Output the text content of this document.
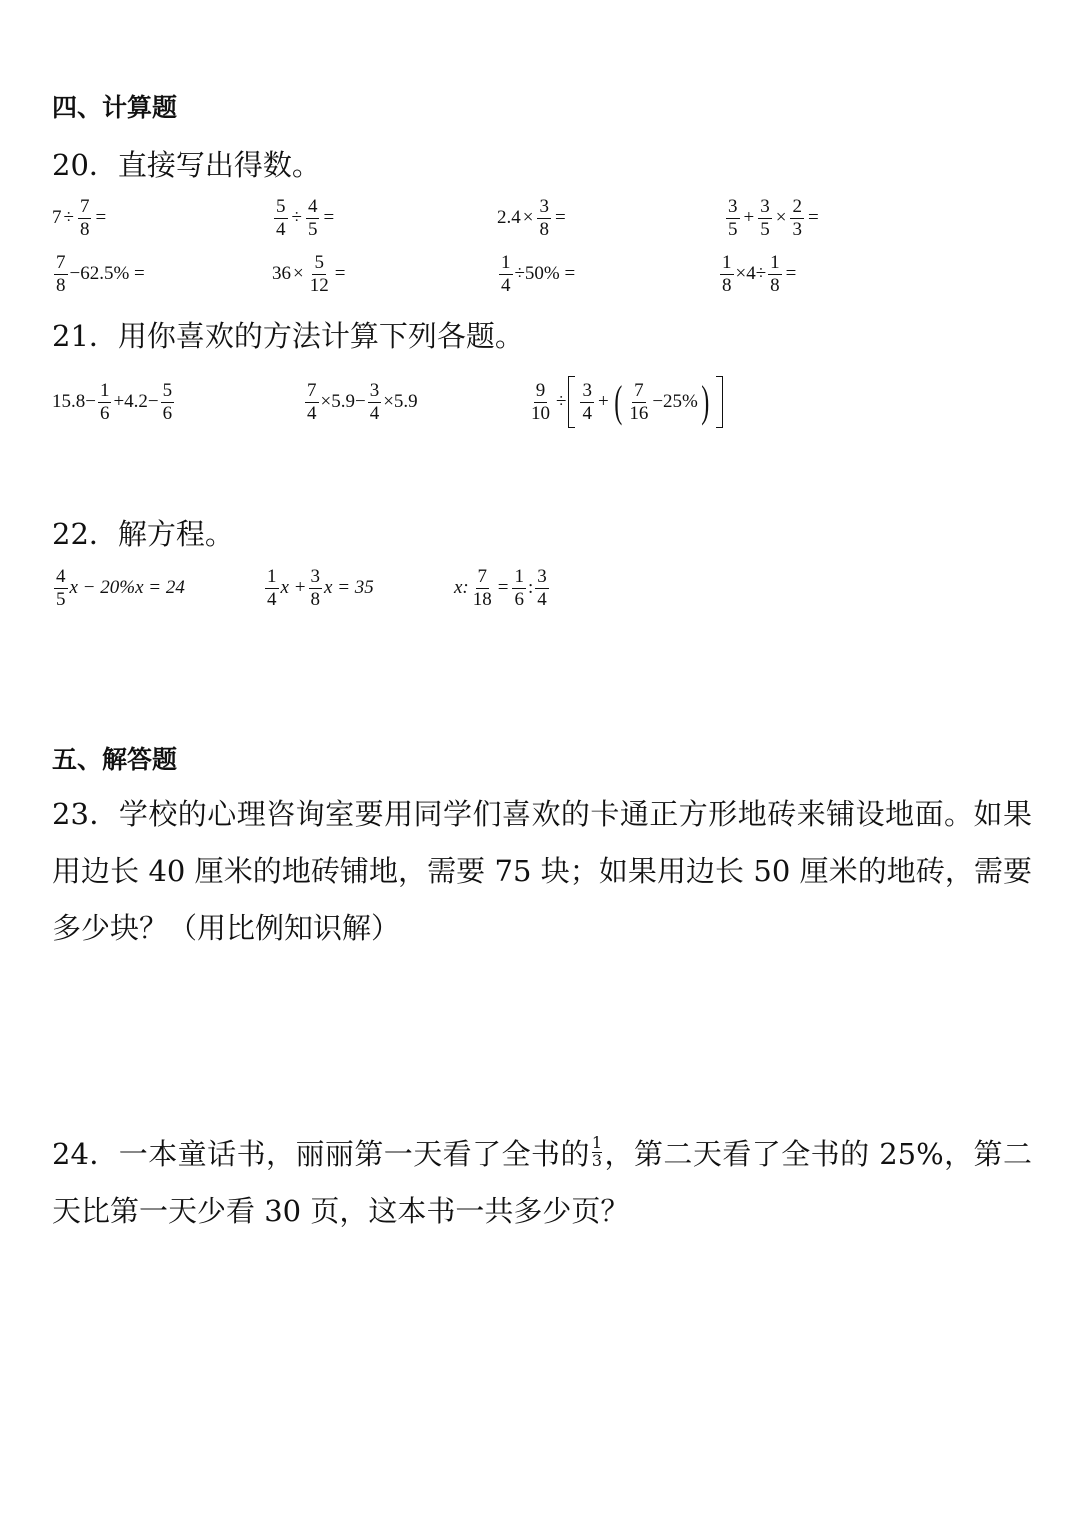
四、计算题
20．直接写出得数。
$7 \div \frac{7}{8}$ =	$\frac{5}{4} \div \frac{4}{5}$ =	$2.4 \times \frac{3}{8}$ =	$\frac{3}{5} + \frac{3}{5} \times \frac{2}{3}$ =
$\frac{7}{8} -62.5\%$ =	$36 \times \frac{5}{12}$ =	$\frac{1}{4} \div 50\%$ =	$\frac{1}{8} \times 4\div \frac{1}{8}$ =
21．用你喜欢的方法计算下列各题。
$15.8- \frac{1}{6} +4.2- \frac{5}{6}$	$\frac{7}{4} \times 5.9- \frac{3}{4} \times 5.9$	$\frac{9}{10} \div \frac{3}{4}$ + ( $\frac{7}{16} -25\%$ )
22．解方程。
$\frac{4}{5}$ x − 20%x = 24	$\frac{1}{4}$ $x + \frac{3}{8}$ x = 35	x: $\frac{7}{18} = \frac{1}{6}$ : $\frac{3}{4}$
五、解答题
23．学校的心理咨询室要用同学们喜欢的卡通正方形地砖来铺设地面。如果用边长 40 厘米的地砖铺地，需要 75 块；如果用边长 50 厘米的地砖，需要多少块？（用比例知识解）
24．一本童话书，丽丽第一天看了全书的 $\frac{1}{3}$ ，第二天看了全书的 25%，第二天比第一天少看 30 页，这本书一共多少页？
